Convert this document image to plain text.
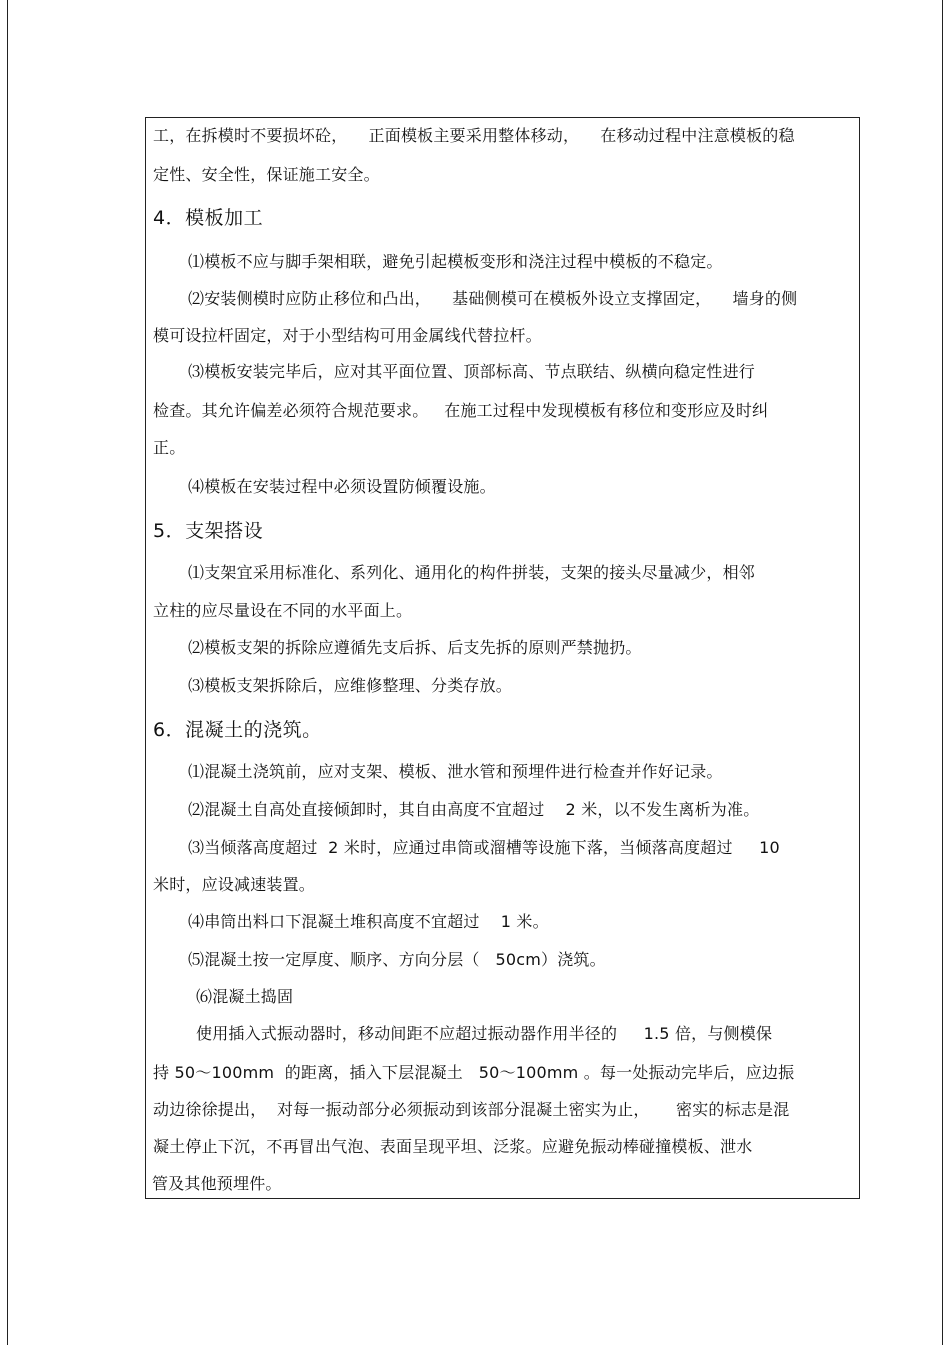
工，在拆模时不要损坏砼，    正面模板主要采用整体移动，    在移动过程中注意模板的稳
定性、安全性，保证施工安全。
4．模板加工
⑴模板不应与脚手架相联，避免引起模板变形和浇注过程中模板的不稳定。
⑵安装侧模时应防止移位和凸出，    基础侧模可在模板外设立支撑固定，    墙身的侧
模可设拉杆固定，对于小型结构可用金属线代替拉杆。
⑶模板安装完毕后，应对其平面位置、顶部标高、节点联结、纵横向稳定性进行
检查。其允许偏差必须符合规范要求。   在施工过程中发现模板有移位和变形应及时纠
正。
⑷模板在安装过程中必须设置防倾覆设施。
5．支架搭设
⑴支架宜采用标准化、系列化、通用化的构件拼装，支架的接头尽量减少，相邻
立柱的应尽量设在不同的水平面上。
⑵模板支架的拆除应遵循先支后拆、后支先拆的原则严禁抛扔。
⑶模板支架拆除后，应维修整理、分类存放。
6．混凝土的浇筑。
⑴混凝土浇筑前，应对支架、模板、泄水管和预埋件进行检查并作好记录。
⑵混凝土自高处直接倾卸时，其自由高度不宜超过    2 米，以不发生离析为准。
⑶当倾落高度超过  2 米时，应通过串筒或溜槽等设施下落，当倾落高度超过     10
米时，应设减速装置。
⑷串筒出料口下混凝土堆积高度不宜超过    1 米。
⑸混凝土按一定厚度、顺序、方向分层（   50cm）浇筑。
⑹混凝土捣固
使用插入式振动器时，移动间距不应超过振动器作用半径的     1.5 倍，与侧模保
持 50～100mm  的距离，插入下层混凝土   50～100mm 。每一处振动完毕后，应边振
动边徐徐提出，  对每一振动部分必须振动到该部分混凝土密实为止，     密实的标志是混
凝土停止下沉，不再冒出气泡、表面呈现平坦、泛浆。应避免振动棒碰撞模板、泄水
管及其他预埋件。
